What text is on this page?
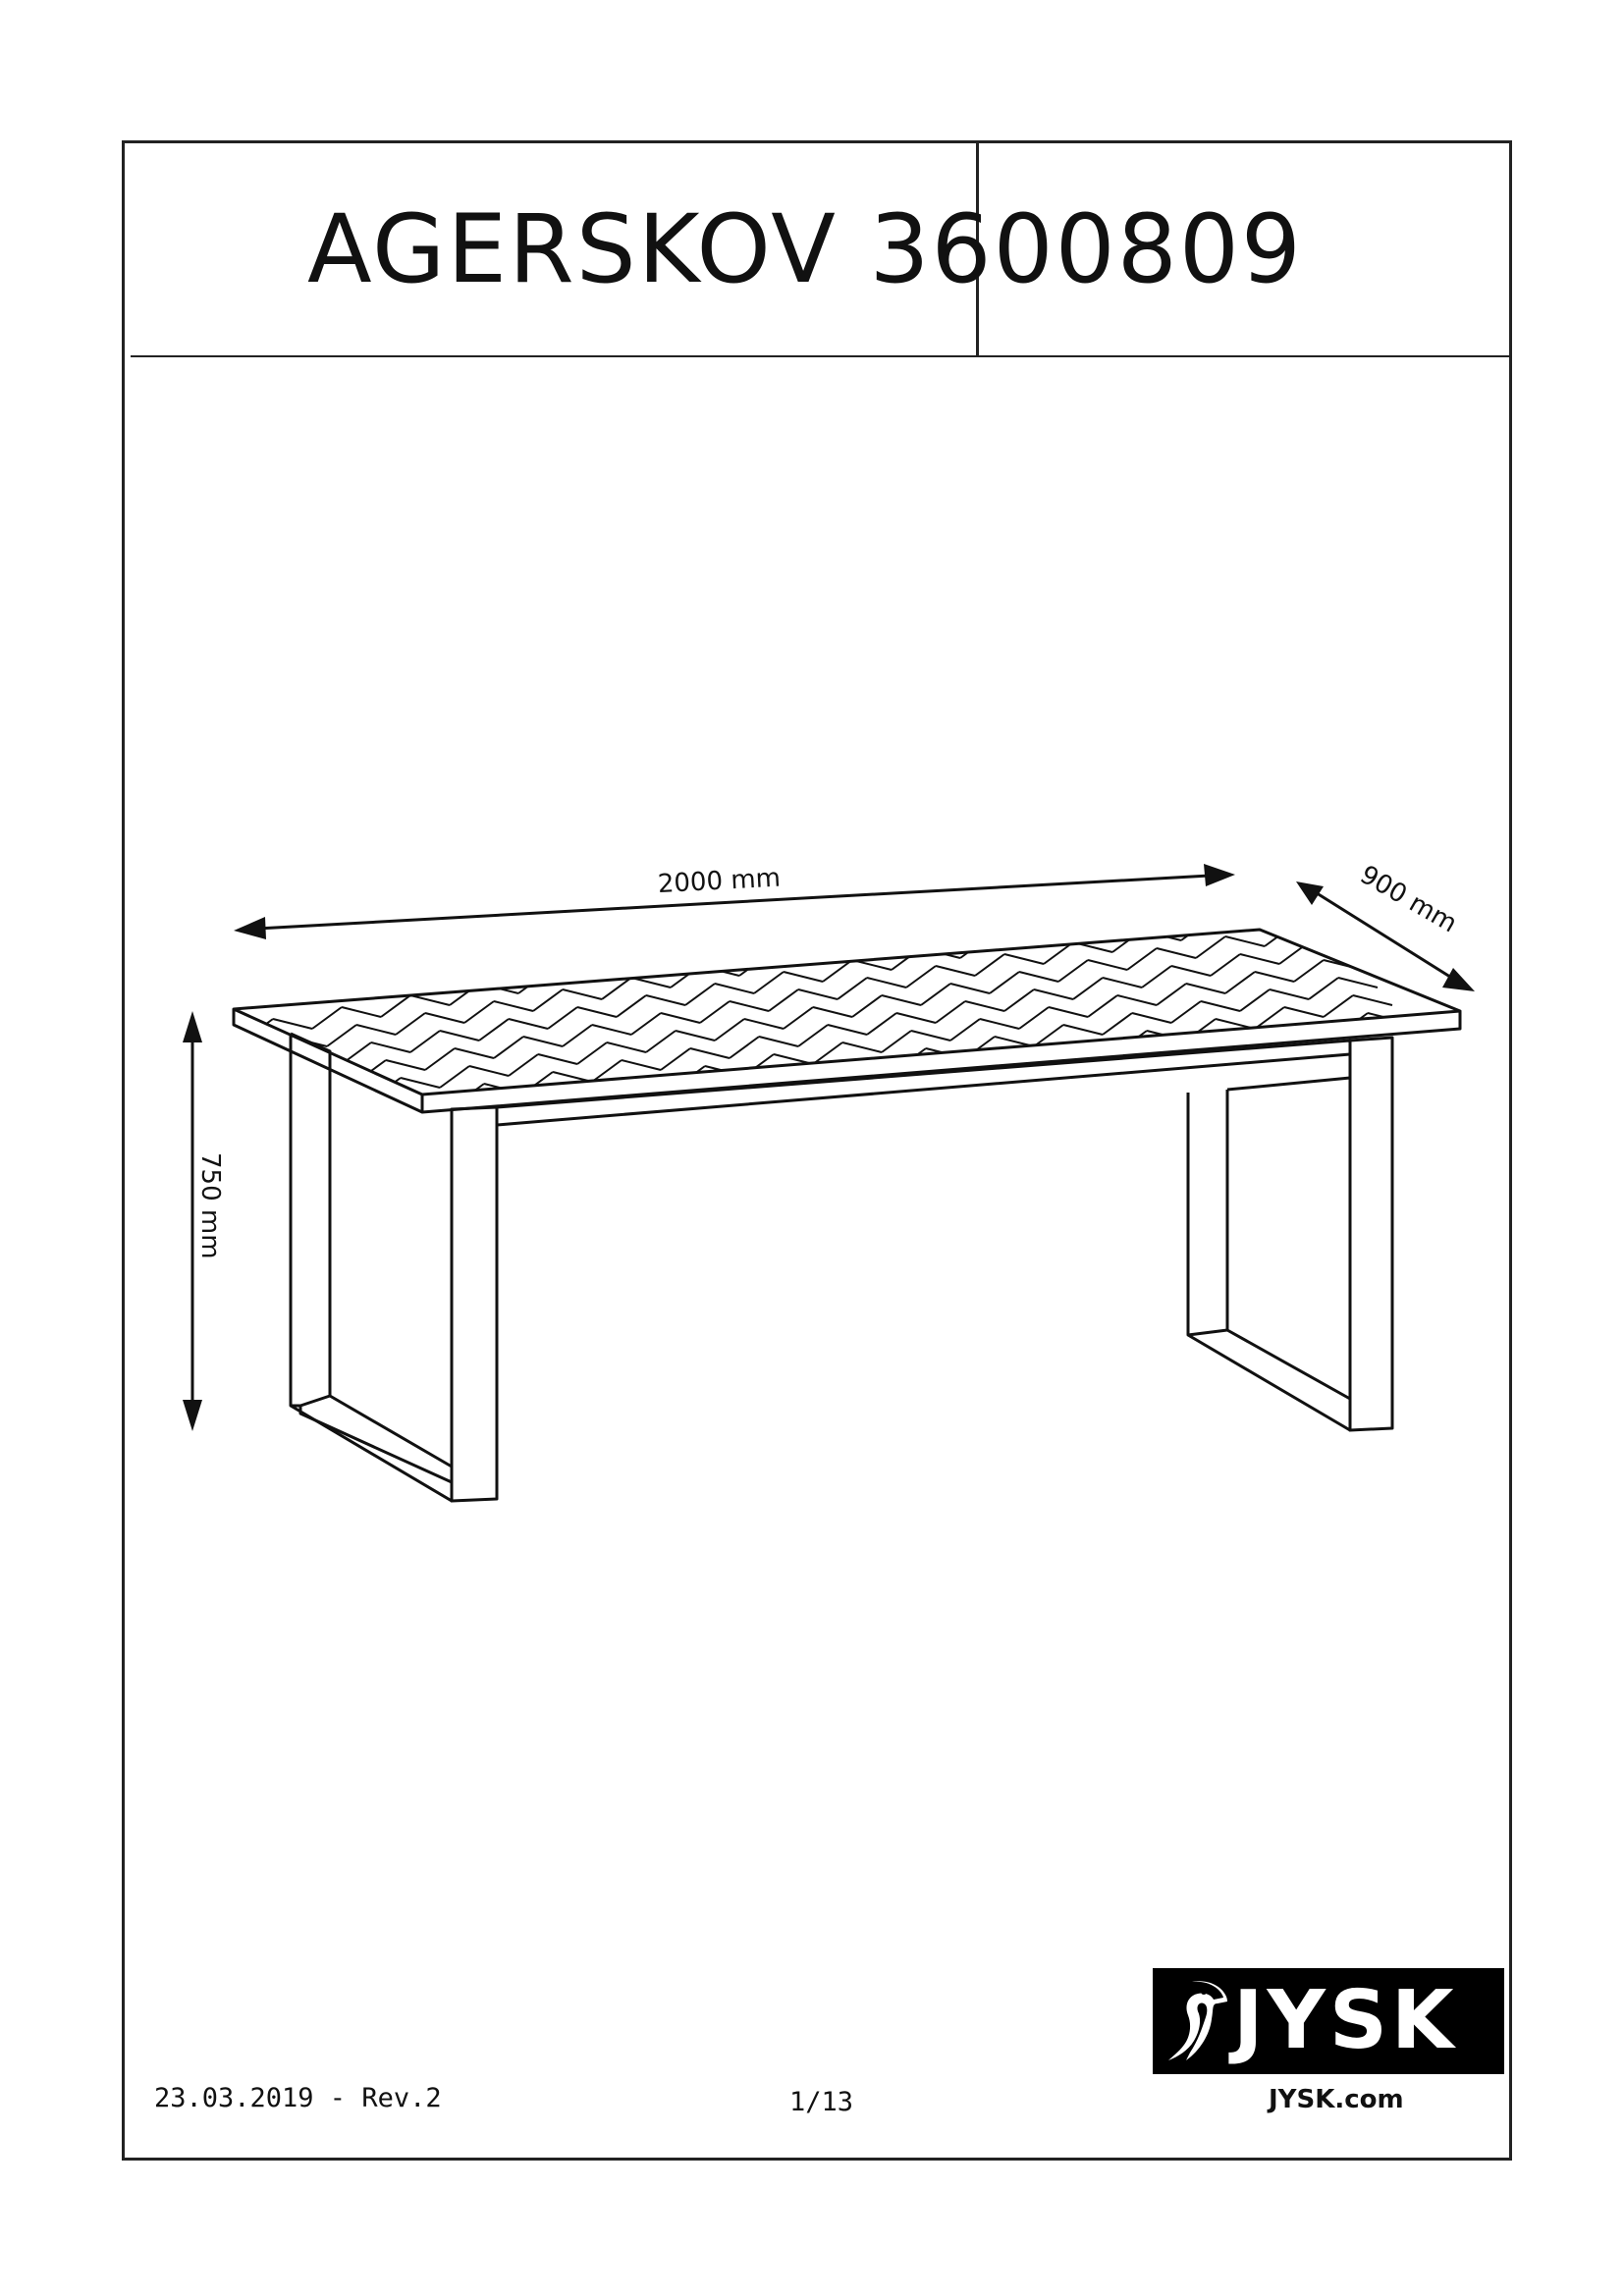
AGERSKOV 3600809
23.03.2019 - Rev.2	1/13
JYSK
JYSK.com
2000 mm	900 mm
750 mm
